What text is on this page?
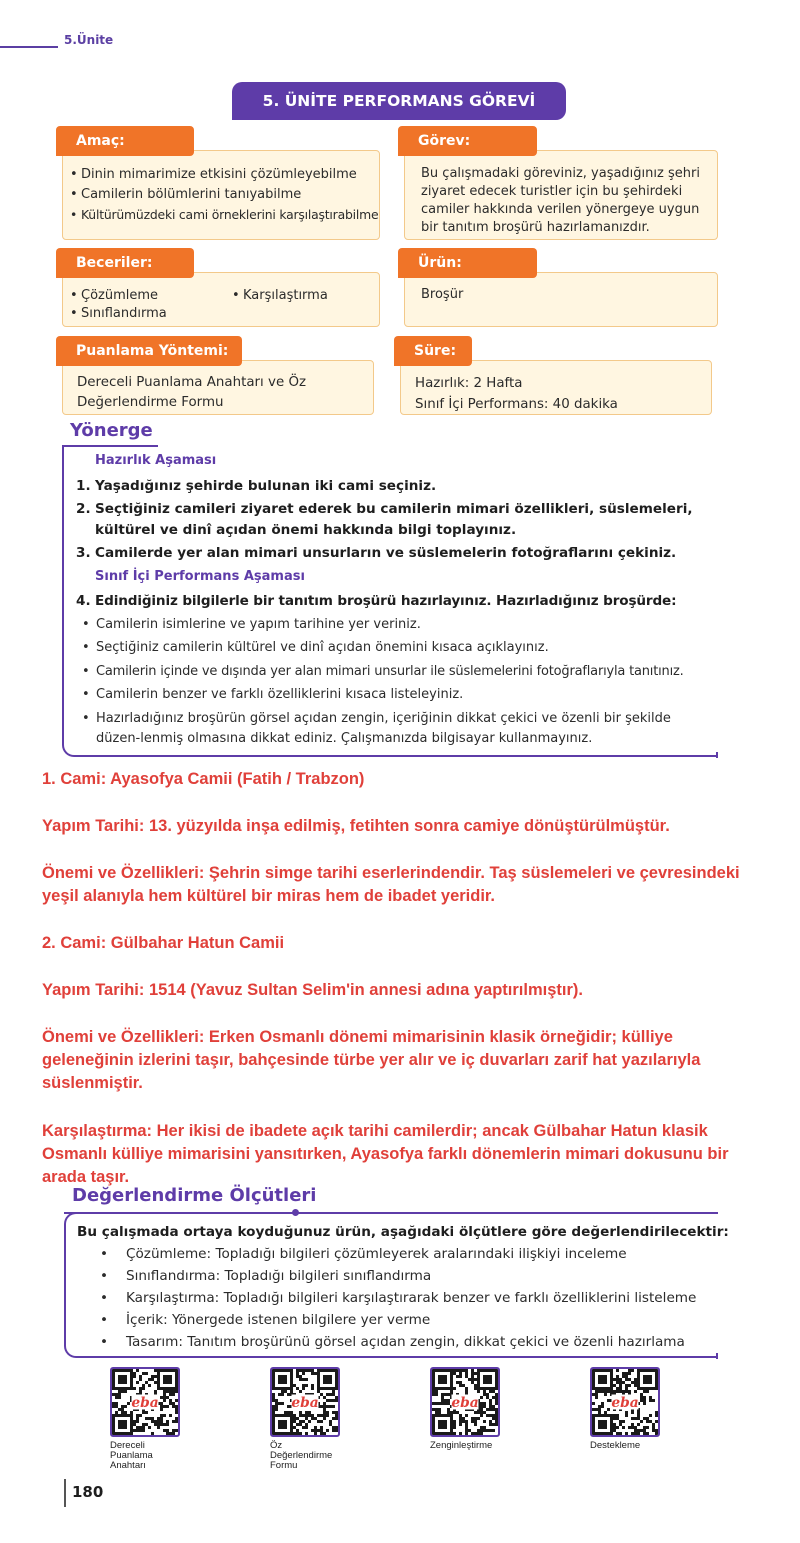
5.Ünite
5. ÜNİTE PERFORMANS GÖREVİ
• Dinin mimarimize etkisini çözümleyebilme
• Camilerin bölümlerini tanıyabilme
• Kültürümüzdeki cami örneklerini karşılaştırabilme
Amaç:
Bu çalışmadaki göreviniz, yaşadığınız şehri ziyaret edecek turistler için bu şehirdeki camiler hakkında verilen yönergeye uygun bir tanıtım broşürü hazırlamanızdır.
Görev:
• Çözümleme
• Sınıflandırma
• Karşılaştırma
Beceriler:
Broşür
Ürün:
Dereceli Puanlama Anahtarı ve Öz Değerlendirme Formu
Puanlama Yöntemi:
Hazırlık: 2 Hafta
Sınıf İçi Performans: 40 dakika
Süre:
Yönerge
Hazırlık Aşaması
1. Yaşadığınız şehirde bulunan iki cami seçiniz.
2. Seçtiğiniz camileri ziyaret ederek bu camilerin mimari özellikleri, süslemeleri, kültürel ve dinî açıdan önemi hakkında bilgi toplayınız.
3. Camilerde yer alan mimari unsurların ve süslemelerin fotoğraflarını çekiniz.
Sınıf İçi Performans Aşaması
4. Edindiğiniz bilgilerle bir tanıtım broşürü hazırlayınız. Hazırladığınız broşürde:
• Camilerin isimlerine ve yapım tarihine yer veriniz.
• Seçtiğiniz camilerin kültürel ve dinî açıdan önemini kısaca açıklayınız.
• Camilerin içinde ve dışında yer alan mimari unsurlar ile süslemelerini fotoğraflarıyla tanıtınız.
• Camilerin benzer ve farklı özelliklerini kısaca listeleyiniz.
• Hazırladığınız broşürün görsel açıdan zengin, içeriğinin dikkat çekici ve özenli bir şekilde düzen-lenmiş olmasına dikkat ediniz. Çalışmanızda bilgisayar kullanmayınız.
1. Cami: Ayasofya Camii (Fatih / Trabzon)
Yapım Tarihi: 13. yüzyılda inşa edilmiş, fetihten sonra camiye dönüştürülmüştür.
Önemi ve Özellikleri: Şehrin simge tarihi eserlerindendir. Taş süslemeleri ve çevresindeki yeşil alanıyla hem kültürel bir miras hem de ibadet yeridir.
2. Cami: Gülbahar Hatun Camii
Yapım Tarihi: 1514 (Yavuz Sultan Selim'in annesi adına yaptırılmıştır).
Önemi ve Özellikleri: Erken Osmanlı dönemi mimarisinin klasik örneğidir; külliye geleneğinin izlerini taşır, bahçesinde türbe yer alır ve iç duvarları zarif hat yazılarıyla süslenmiştir.
Karşılaştırma: Her ikisi de ibadete açık tarihi camilerdir; ancak Gülbahar Hatun klasik Osmanlı külliye mimarisini yansıtırken, Ayasofya farklı dönemlerin mimari dokusunu bir arada taşır.
Değerlendirme Ölçütleri
Bu çalışmada ortaya koyduğunuz ürün, aşağıdaki ölçütlere göre değerlendirilecektir:
• Çözümleme: Topladığı bilgileri çözümleyerek aralarındaki ilişkiyi inceleme
• Sınıflandırma: Topladığı bilgileri sınıflandırma
• Karşılaştırma: Topladığı bilgileri karşılaştırarak benzer ve farklı özelliklerini listeleme
• İçerik: Yönergede istenen bilgilere yer verme
• Tasarım: Tanıtım broşürünü görsel açıdan zengin, dikkat çekici ve özenli hazırlama
eba	eba	eba	eba
Dereceli
Puanlama
Anahtarı
Öz
Değerlendirme
Formu
Zenginleştirme	Destekleme
180
